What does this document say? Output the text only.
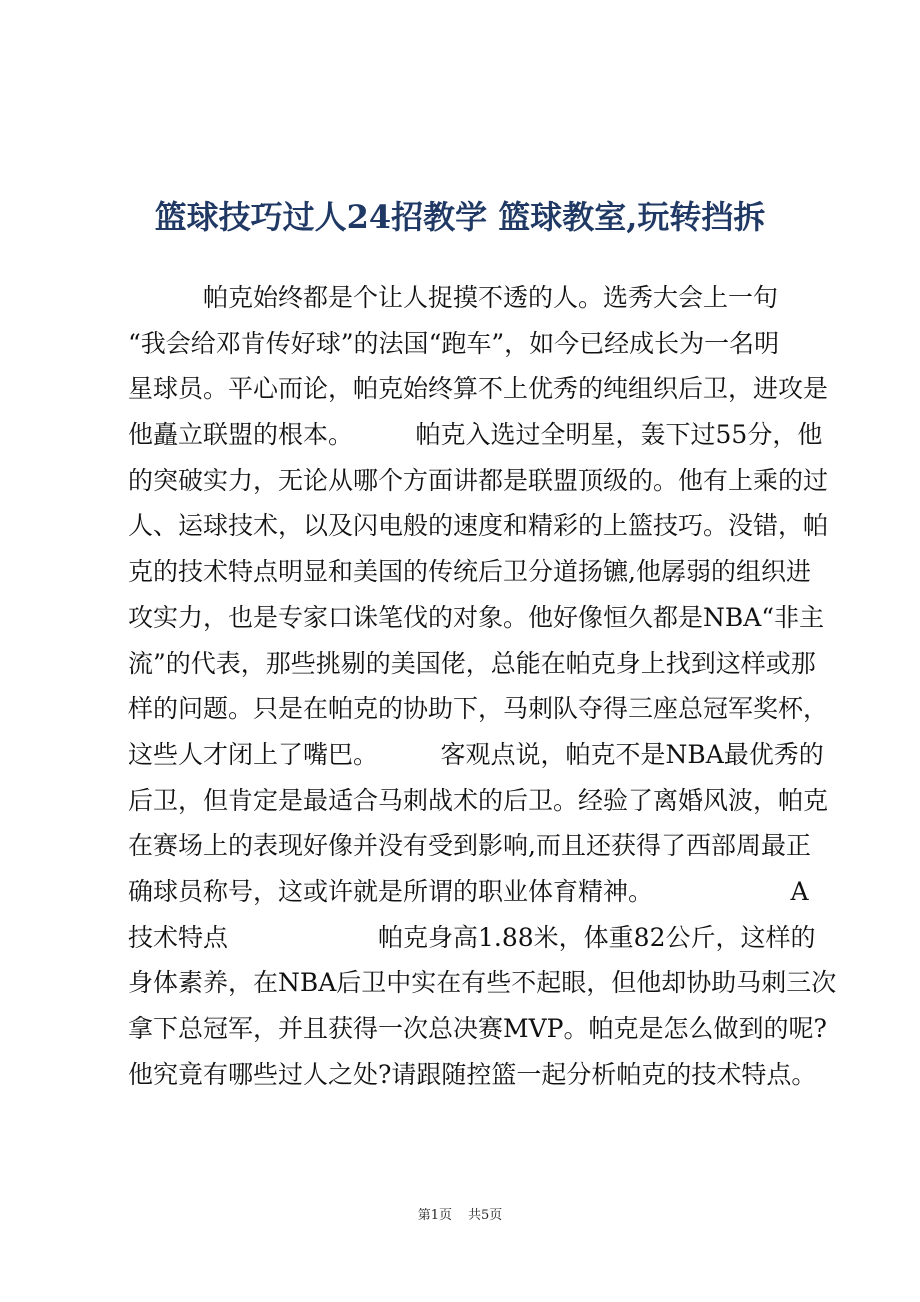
篮球技巧过人24招教学 篮球教室,玩转挡拆
　　　帕克始终都是个让人捉摸不透的人。选秀大会上一句
“我会给邓肯传好球”的法国“跑车”，如今已经成长为一名明
星球员。平心而论，帕克始终算不上优秀的纯组织后卫，进攻是
他矗立联盟的根本。　　　帕克入选过全明星，轰下过55分，他
的突破实力，无论从哪个方面讲都是联盟顶级的。他有上乘的过
人、运球技术，以及闪电般的速度和精彩的上篮技巧。没错，帕
克的技术特点明显和美国的传统后卫分道扬镳,他孱弱的组织进
攻实力，也是专家口诛笔伐的对象。他好像恒久都是NBA“非主
流”的代表，那些挑剔的美国佬，总能在帕克身上找到这样或那
样的问题。只是在帕克的协助下，马刺队夺得三座总冠军奖杯，
这些人才闭上了嘴巴。　　　客观点说，帕克不是NBA最优秀的
后卫，但肯定是最适合马刺战术的后卫。经验了离婚风波，帕克
在赛场上的表现好像并没有受到影响,而且还获得了西部周最正
确球员称号，这或许就是所谓的职业体育精神。　　　　　　A
技术特点　　　　　　帕克身高1.88米，体重82公斤，这样的
身体素养，在NBA后卫中实在有些不起眼，但他却协助马刺三次
拿下总冠军，并且获得一次总决赛MVP。帕克是怎么做到的呢?
他究竟有哪些过人之处?请跟随控篮一起分析帕克的技术特点。
第1页 共5页
